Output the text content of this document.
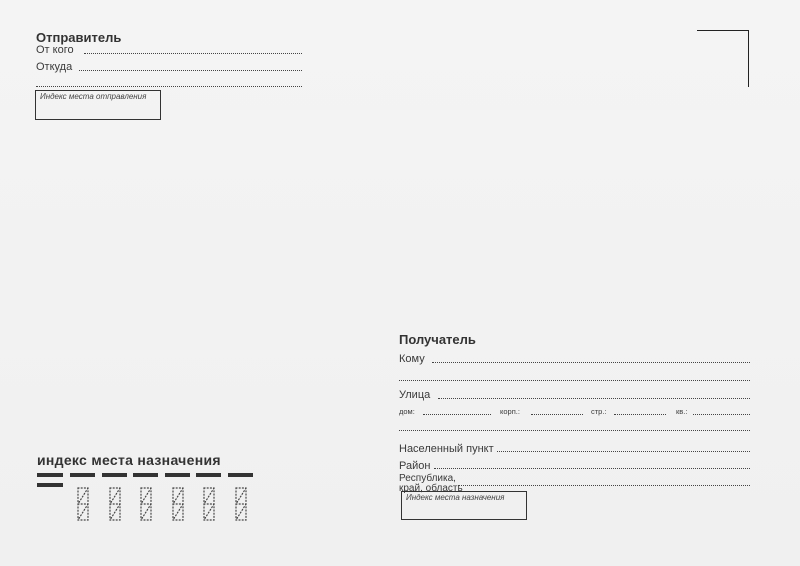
Отправитель
От кого
Откуда
Индекс места отправления
Получатель
Кому
Улица
дом:	корп.:	стр.:	кв.:
Населенный пункт
Район
Республика,
край, область
Индекс места назначения
индекс места назначения
